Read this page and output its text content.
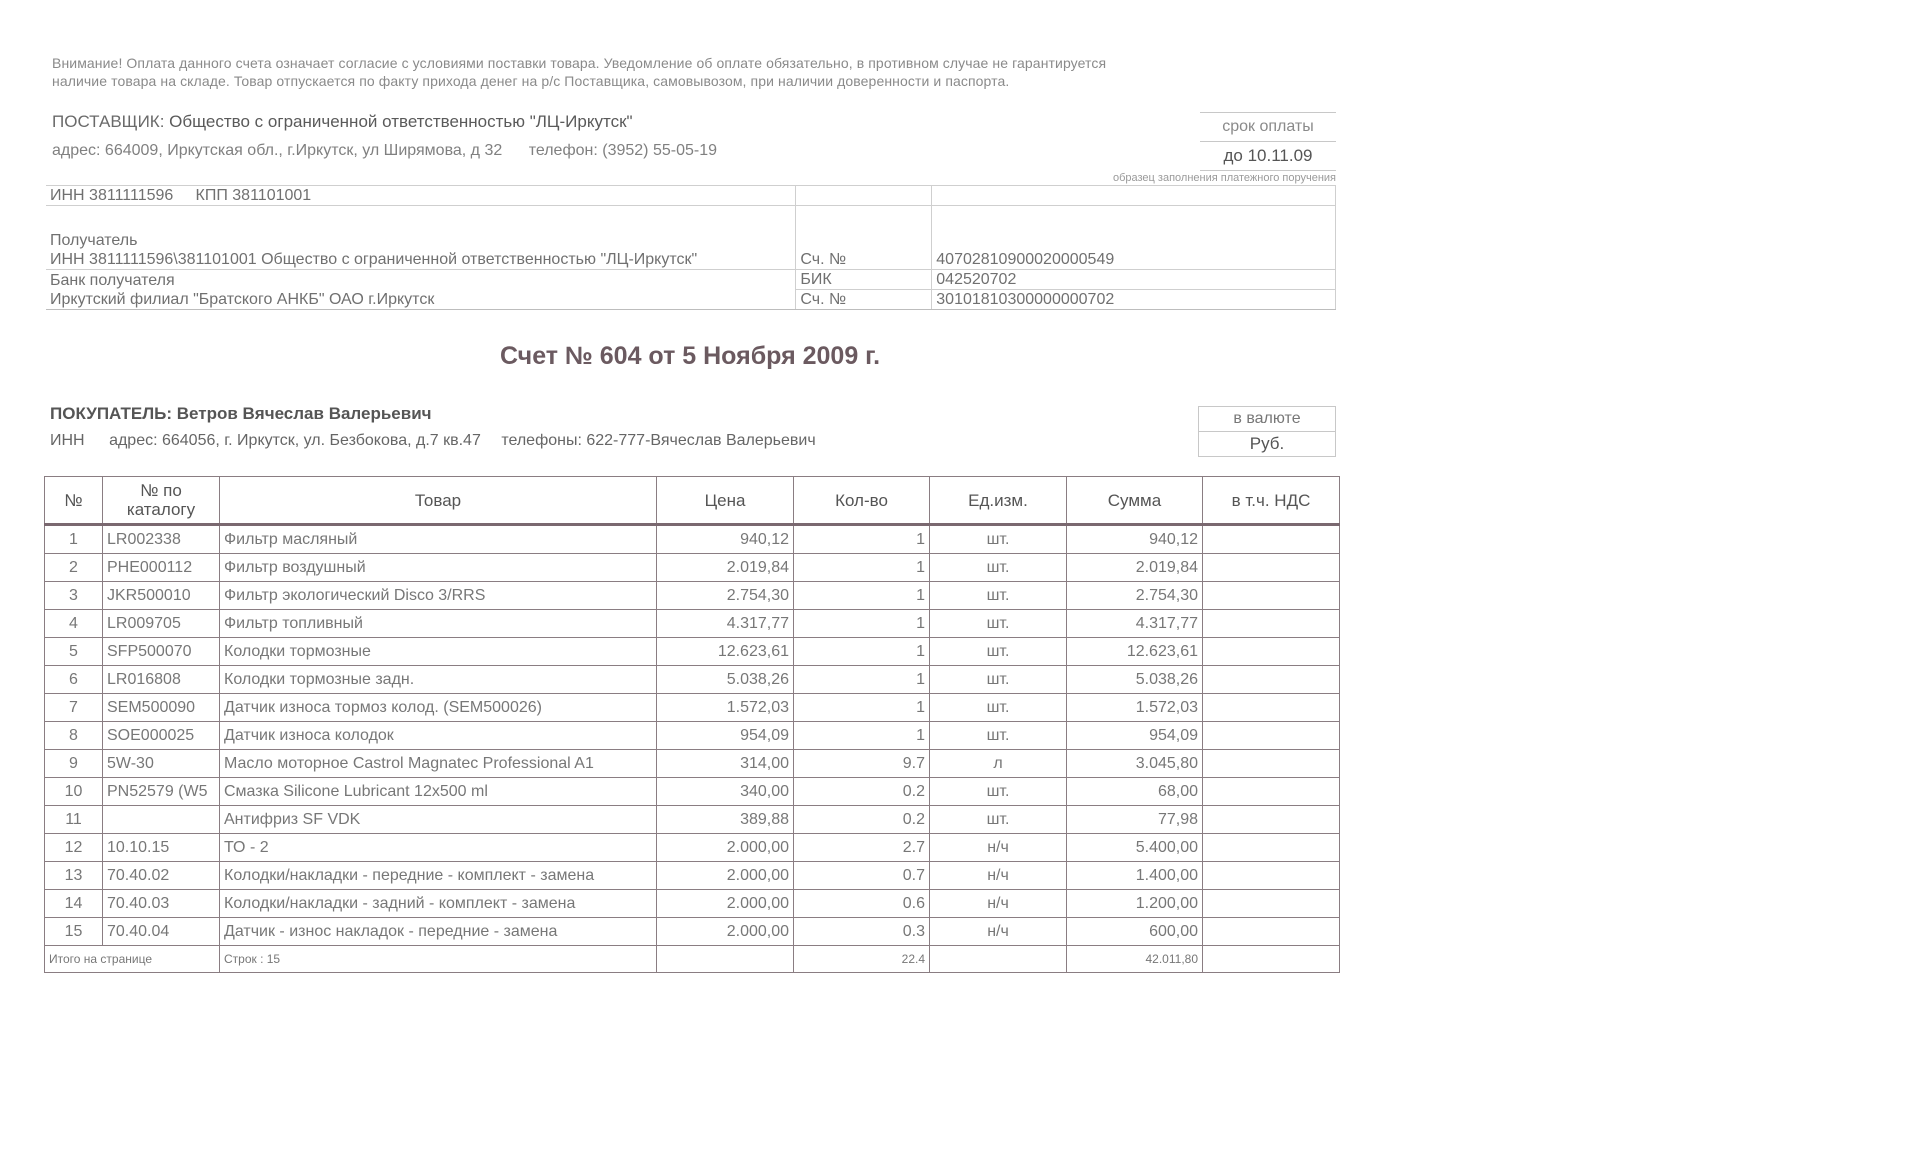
Внимание! Оплата данного счета означает согласие с условиями поставки товара. Уведомление об оплате обязательно, в противном случае не гарантируется
наличие товара на складе. Товар отпускается по факту прихода денег на р/с Поставщика, самовывозом, при наличии доверенности и паспорта.
ПОСТАВЩИК: Общество с ограниченной ответственностью "ЛЦ-Иркутск"
адрес: 664009, Иркутская обл., г.Иркутск, ул Ширямова, д 32 телефон: (3952) 55-05-19
срок оплаты
до 10.11.09
образец заполнения платежного поручения
ИНН 3811111596     КПП 381101001		

Получатель
ИНН 3811111596\381101001 Общество с ограниченной ответственностью "ЛЦ-Иркутск"	Сч. №	40702810900020000549
Банк получателя	БИК	042520702
Иркутский филиал "Братского АНКБ" ОАО г.Иркутск	Сч. №	30101810300000000702
Счет № 604 от 5 Ноября 2009 г.
ПОКУПАТЕЛЬ: Ветров Вячеслав Валерьевич
ИНН адрес: 664056, г. Иркутск, ул. Безбокова, д.7 кв.47 телефоны: 622-777-Вячеслав Валерьевич
в валюте
Руб.
№	№ по каталогу	Товар	Цена	Кол-во	Ед.изм.	Сумма	в т.ч. НДС
1	LR002338	Фильтр масляный	940,12	1	шт.	940,12	
2	PHE000112	Фильтр воздушный	2.019,84	1	шт.	2.019,84	
3	JKR500010	Фильтр экологический Disco 3/RRS	2.754,30	1	шт.	2.754,30	
4	LR009705	Фильтр топливный	4.317,77	1	шт.	4.317,77	
5	SFP500070	Колодки тормозные	12.623,61	1	шт.	12.623,61	
6	LR016808	Колодки тормозные задн.	5.038,26	1	шт.	5.038,26	
7	SEM500090	Датчик износа тормоз колод. (SEM500026)	1.572,03	1	шт.	1.572,03	
8	SOE000025	Датчик износа колодок	954,09	1	шт.	954,09	
9	5W-30	Масло моторное Castrol Magnatec Professional A1	314,00	9.7	л	3.045,80	
10	PN52579 (W5	Смазка Silicone Lubricant 12x500 ml	340,00	0.2	шт.	68,00	
11		Антифриз SF VDK	389,88	0.2	шт.	77,98	
12	10.10.15	ТО - 2	2.000,00	2.7	н/ч	5.400,00	
13	70.40.02	Колодки/накладки - передние - комплект - замена	2.000,00	0.7	н/ч	1.400,00	
14	70.40.03	Колодки/накладки - задний - комплект - замена	2.000,00	0.6	н/ч	1.200,00	
15	70.40.04	Датчик - износ накладок - передние - замена	2.000,00	0.3	н/ч	600,00	
Итого на странице		Строк : 15		22.4		42.011,80	
